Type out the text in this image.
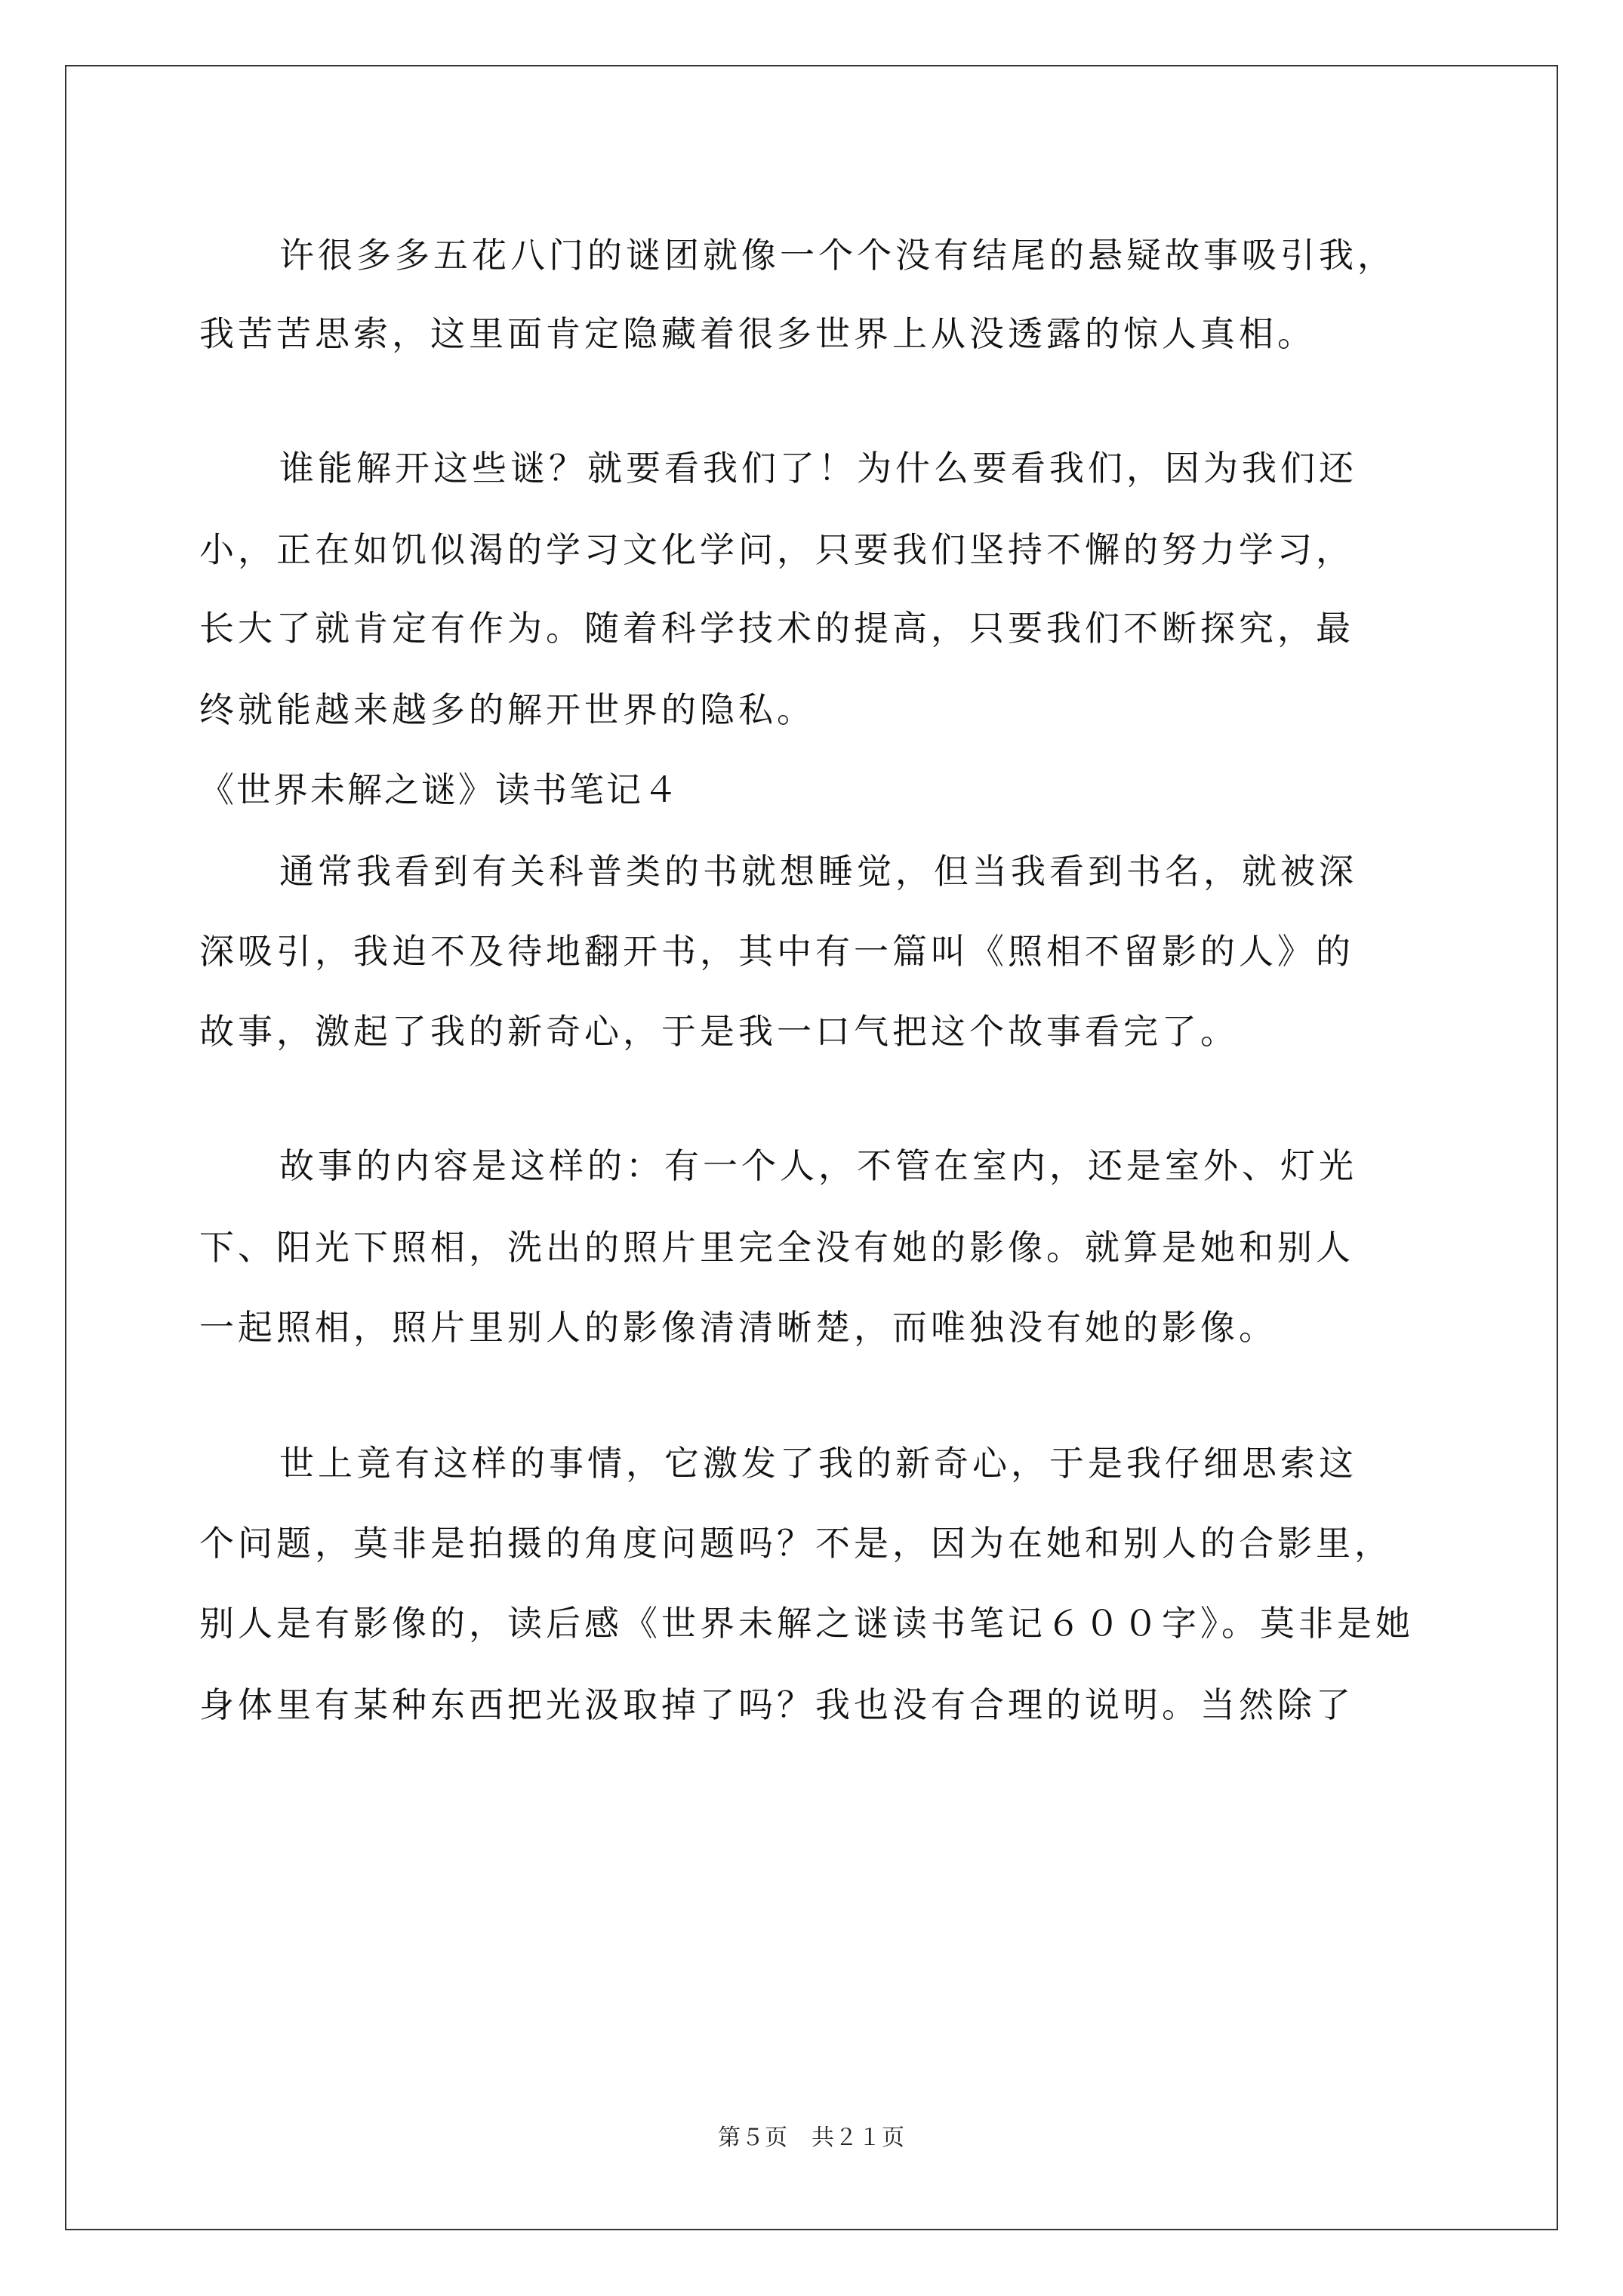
许很多多五花八门的谜团就像一个个没有结尾的悬疑故事吸引我，

我苦苦思索，这里面肯定隐藏着很多世界上从没透露的惊人真相。

谁能解开这些谜？就要看我们了！为什么要看我们，因为我们还

小，正在如饥似渴的学习文化学问，只要我们坚持不懈的努力学习，

长大了就肯定有作为。随着科学技术的提高，只要我们不断探究，最

终就能越来越多的解开世界的隐私。

《世界未解之谜》读书笔记４

通常我看到有关科普类的书就想睡觉，但当我看到书名，就被深

深吸引，我迫不及待地翻开书，其中有一篇叫《照相不留影的人》的

故事，激起了我的新奇心，于是我一口气把这个故事看完了。

故事的内容是这样的：有一个人，不管在室内，还是室外、灯光

下、阳光下照相，洗出的照片里完全没有她的影像。就算是她和别人

一起照相，照片里别人的影像清清晰楚，而唯独没有她的影像。

世上竟有这样的事情，它激发了我的新奇心，于是我仔细思索这

个问题，莫非是拍摄的角度问题吗？不是，因为在她和别人的合影里，

别人是有影像的，读后感《世界未解之谜读书笔记６００字》。莫非是她

身体里有某种东西把光汲取掉了吗？我也没有合理的说明。当然除了

第５页　共２１页
